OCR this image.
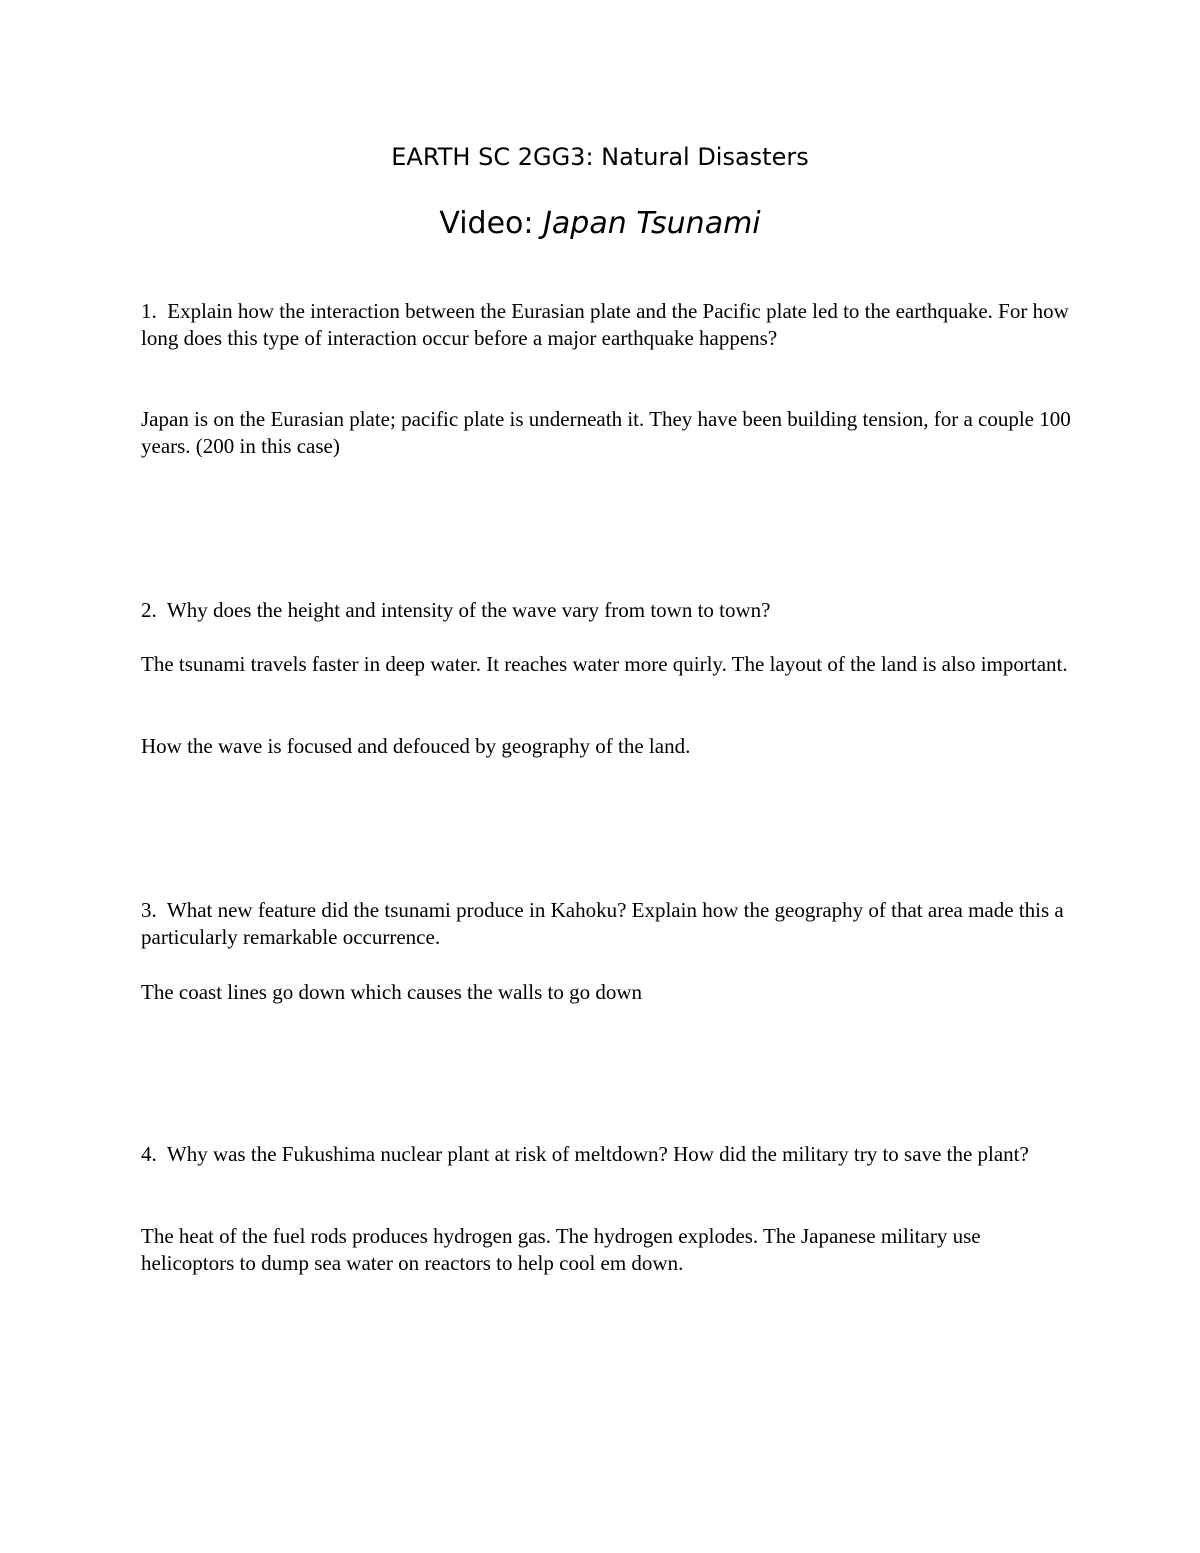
EARTH SC 2GG3: Natural Disasters
Video: Japan Tsunami

1. Explain how the interaction between the Eurasian plate and the Pacific plate led to the earthquake. For how long does this type of interaction occur before a major earthquake happens?

Japan is on the Eurasian plate; pacific plate is underneath it. They have been building tension, for a couple 100 years. (200 in this case)

2. Why does the height and intensity of the wave vary from town to town?

The tsunami travels faster in deep water. It reaches water more quirly. The layout of the land is also important.

How the wave is focused and defouced by geography of the land.

3. What new feature did the tsunami produce in Kahoku? Explain how the geography of that area made this a particularly remarkable occurrence.

The coast lines go down which causes the walls to go down

4. Why was the Fukushima nuclear plant at risk of meltdown? How did the military try to save the plant?

The heat of the fuel rods produces hydrogen gas. The hydrogen explodes. The Japanese military use helicoptors to dump sea water on reactors to help cool em down.
